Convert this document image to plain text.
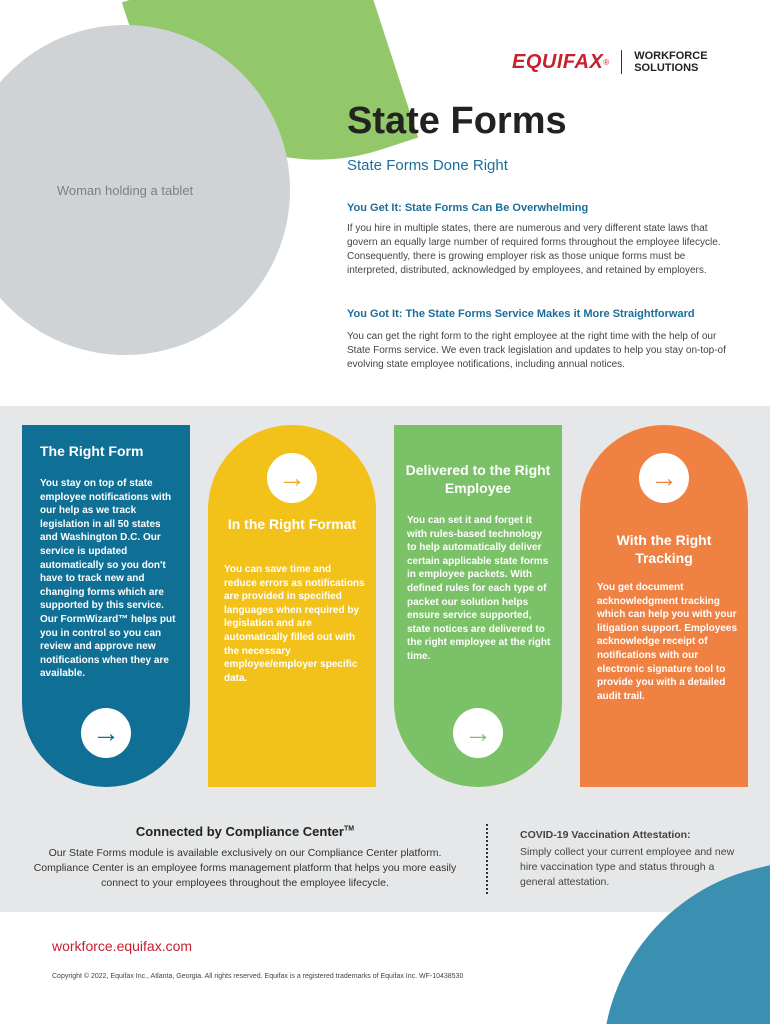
Woman holding a tablet
EQUIFAX ® WORKFORCE
SOLUTIONS
State Forms
State Forms Done Right
You Get It: State Forms Can Be Overwhelming
If you hire in multiple states, there are numerous and very different state laws that govern an equally large number of required forms throughout the employee lifecycle. Consequently, there is growing employer risk as those unique forms must be interpreted, distributed, acknowledged by employees, and retained by employers.
You Got It: The State Forms Service Makes it More Straightforward
You can get the right form to the right employee at the right time with the help of our State Forms service. We even track legislation and updates to help you stay on-top-of evolving state employee notifications, including annual notices.
The Right Form

You stay on top of state employee notifications with our help as we track legislation in all 50 states and Washington D.C. Our service is updated automatically so you don't have to track new and changing forms which are supported by this service. Our FormWizard™ helps put you in control so you can review and approve new notifications when they are available.

→
→
In the Right Format

You can save time and reduce errors as notifications are provided in specified languages when required by legislation and are automatically filled out with the necessary employee/employer specific data.

Delivered to the Right Employee

You can set it and forget it with rules-based technology to help automatically deliver certain applicable state forms in employee packets. With defined rules for each type of packet our solution helps ensure service supported, state notices are delivered to the right employee at the right time.

→
→
With the Right Tracking

You get document acknowledgment tracking which can help you with your litigation support. Employees acknowledge receipt of notifications with our electronic signature tool to provide you with a detailed audit trail.

Connected by Compliance Center™
Our State Forms module is available exclusively on our Compliance Center platform. Compliance Center is an employee forms management platform that helps you more easily connect to your employees throughout the employee lifecycle.
COVID-19 Vaccination Attestation:
Simply collect your current employee and new hire vaccination type and status through a general attestation.
workforce.equifax.com
Copyright © 2022, Equifax Inc., Atlanta, Georgia. All rights reserved. Equifax is a registered trademarks of Equifax Inc. WF-10438530
